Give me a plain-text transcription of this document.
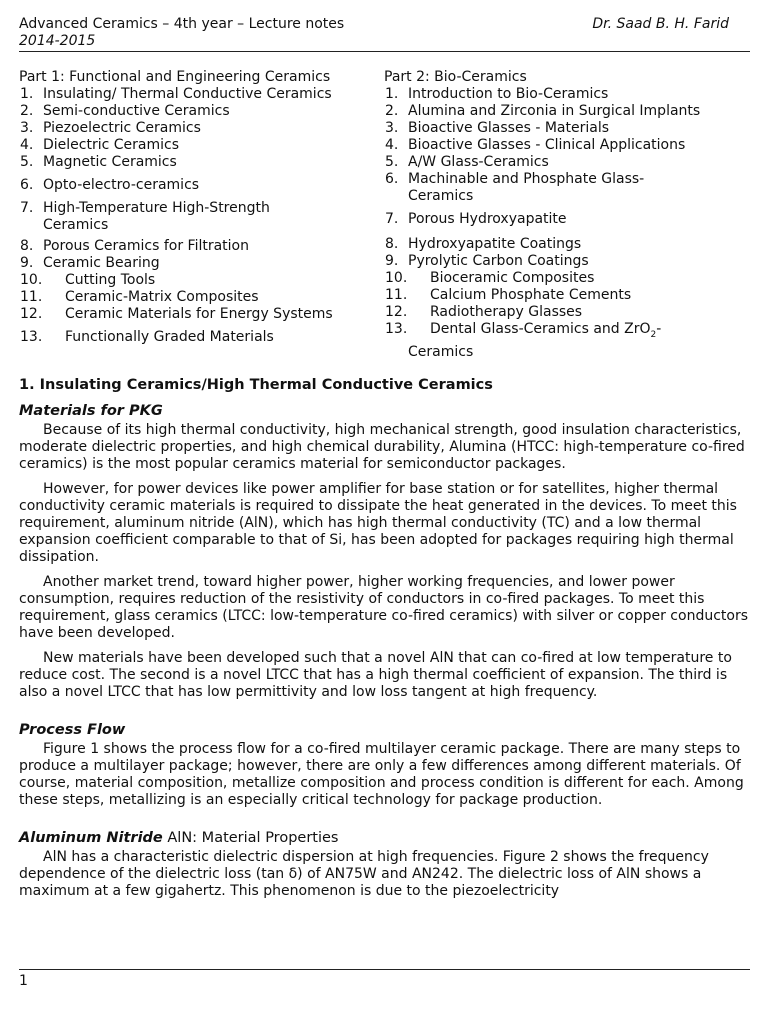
Advanced Ceramics – 4th year – Lecture notes	Dr. Saad B. H. Farid
2014-2015
Part 1: Functional and Engineering Ceramics
1. Insulating/ Thermal Conductive Ceramics
2. Semi-conductive Ceramics
3. Piezoelectric Ceramics
4. Dielectric Ceramics
5. Magnetic Ceramics
6. Opto-electro-ceramics
7. High-Temperature High-Strength
Ceramics
8. Porous Ceramics for Filtration
9. Ceramic Bearing
10. Cutting Tools
11. Ceramic-Matrix Composites
12. Ceramic Materials for Energy Systems
13. Functionally Graded Materials
Part 2: Bio-Ceramics
1. Introduction to Bio-Ceramics
2. Alumina and Zirconia in Surgical Implants
3. Bioactive Glasses - Materials
4. Bioactive Glasses - Clinical Applications
5. A/W Glass-Ceramics
6. Machinable and Phosphate Glass-
Ceramics
7. Porous Hydroxyapatite
8. Hydroxyapatite Coatings
9. Pyrolytic Carbon Coatings
10. Bioceramic Composites
11. Calcium Phosphate Cements
12. Radiotherapy Glasses
13. Dental Glass-Ceramics and ZrO$_2$-
Ceramics
1. Insulating Ceramics/High Thermal Conductive Ceramics
Materials for PKG

Because of its high thermal conductivity, high mechanical strength, good insulation characteristics, moderate dielectric properties, and high chemical durability, Alumina (HTCC: high-temperature co-fired ceramics) is the most popular ceramics material for semiconductor packages.

However, for power devices like power amplifier for base station or for satellites, higher thermal conductivity ceramic materials is required to dissipate the heat generated in the devices. To meet this requirement, aluminum nitride (AlN), which has high thermal conductivity (TC) and a low thermal expansion coefficient comparable to that of Si, has been adopted for packages requiring high thermal dissipation.

Another market trend, toward higher power, higher working frequencies, and lower power consumption, requires reduction of the resistivity of conductors in co-fired packages. To meet this requirement, glass ceramics (LTCC: low-temperature co-fired ceramics) with silver or copper conductors have been developed.

New materials have been developed such that a novel AlN that can co-fired at low temperature to reduce cost. The second is a novel LTCC that has a high thermal coefficient of expansion. The third is also a novel LTCC that has low permittivity and low loss tangent at high frequency.

Process Flow

Figure 1 shows the process flow for a co-fired multilayer ceramic package. There are many steps to produce a multilayer package; however, there are only a few differences among different materials. Of course, material composition, metallize composition and process condition is different for each. Among these steps, metallizing is an especially critical technology for package production.

Aluminum Nitride AlN: Material Properties

AlN has a characteristic dielectric dispersion at high frequencies. Figure 2 shows the frequency dependence of the dielectric loss (tan δ) of AN75W and AN242. The dielectric loss of AlN shows a maximum at a few gigahertz. This phenomenon is due to the piezoelectricity

1
